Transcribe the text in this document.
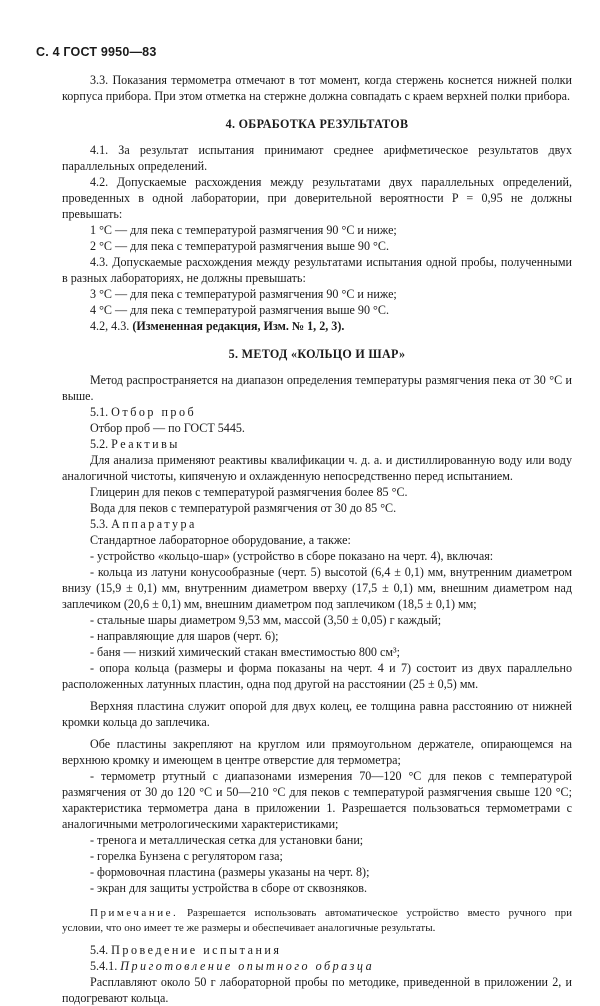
С. 4 ГОСТ 9950—83

3.3. Показания термометра отмечают в тот момент, когда стержень коснется нижней полки корпуса прибора. При этом отметка на стержне должна совпадать с краем верхней полки прибора.

4. ОБРАБОТКА РЕЗУЛЬТАТОВ

4.1. За результат испытания принимают среднее арифметическое результатов двух параллельных определений.

4.2. Допускаемые расхождения между результатами двух параллельных определений, проведенных в одной лаборатории, при доверительной вероятности P = 0,95 не должны превышать:

1 °С — для пека с температурой размягчения 90 °С и ниже;

2 °С — для пека с температурой размягчения выше 90 °С.

4.3. Допускаемые расхождения между результатами испытания одной пробы, полученными в разных лабораториях, не должны превышать:

3 °С — для пека с температурой размягчения 90 °С и ниже;

4 °С — для пека с температурой размягчения выше 90 °С.

4.2, 4.3. (Измененная редакция, Изм. № 1, 2, 3).

5. МЕТОД «КОЛЬЦО И ШАР»

Метод распространяется на диапазон определения температуры размягчения пека от 30 °С и выше.

5.1. Отбор проб

Отбор проб — по ГОСТ 5445.

5.2. Реактивы

Для анализа применяют реактивы квалификации ч. д. а. и дистиллированную воду или воду аналогичной чистоты, кипяченую и охлажденную непосредственно перед испытанием.

Глицерин для пеков с температурой размягчения более 85 °С.

Вода для пеков с температурой размягчения от 30 до 85 °С.

5.3. Аппаратура

Стандартное лабораторное оборудование, а также:

- устройство «кольцо-шар» (устройство в сборе показано на черт. 4), включая:

- кольца из латуни конусообразные (черт. 5) высотой (6,4 ± 0,1) мм, внутренним диаметром внизу (15,9 ± 0,1) мм, внутренним диаметром вверху (17,5 ± 0,1) мм, внешним диаметром над заплечиком (20,6 ± 0,1) мм, внешним диаметром под заплечиком (18,5 ± 0,1) мм;

- стальные шары диаметром 9,53 мм, массой (3,50 ± 0,05) г каждый;

- направляющие для шаров (черт. 6);

- баня — низкий химический стакан вместимостью 800 см³;

- опора кольца (размеры и форма показаны на черт. 4 и 7) состоит из двух параллельно расположенных латунных пластин, одна под другой на расстоянии (25 ± 0,5) мм.

Верхняя пластина служит опорой для двух колец, ее толщина равна расстоянию от нижней кромки кольца до заплечика.

Обе пластины закрепляют на круглом или прямоугольном держателе, опирающемся на верхнюю кромку и имеющем в центре отверстие для термометра;

- термометр ртутный с диапазонами измерения 70—120 °С для пеков с температурой размягчения от 30 до 120 °С и 50—210 °С для пеков с температурой размягчения свыше 120 °С; характеристика термометра дана в приложении 1. Разрешается пользоваться термометрами с аналогичными метрологическими характеристиками;

- тренога и металлическая сетка для установки бани;

- горелка Бунзена с регулятором газа;

- формовочная пластина (размеры указаны на черт. 8);

- экран для защиты устройства в сборе от сквозняков.

Примечание. Разрешается использовать автоматическое устройство вместо ручного при условии, что оно имеет те же размеры и обеспечивает аналогичные результаты.

5.4. Проведение испытания

5.4.1. Приготовление опытного образца

Расплавляют около 50 г лабораторной пробы по методике, приведенной в приложении 2, и подогревают кольца.
